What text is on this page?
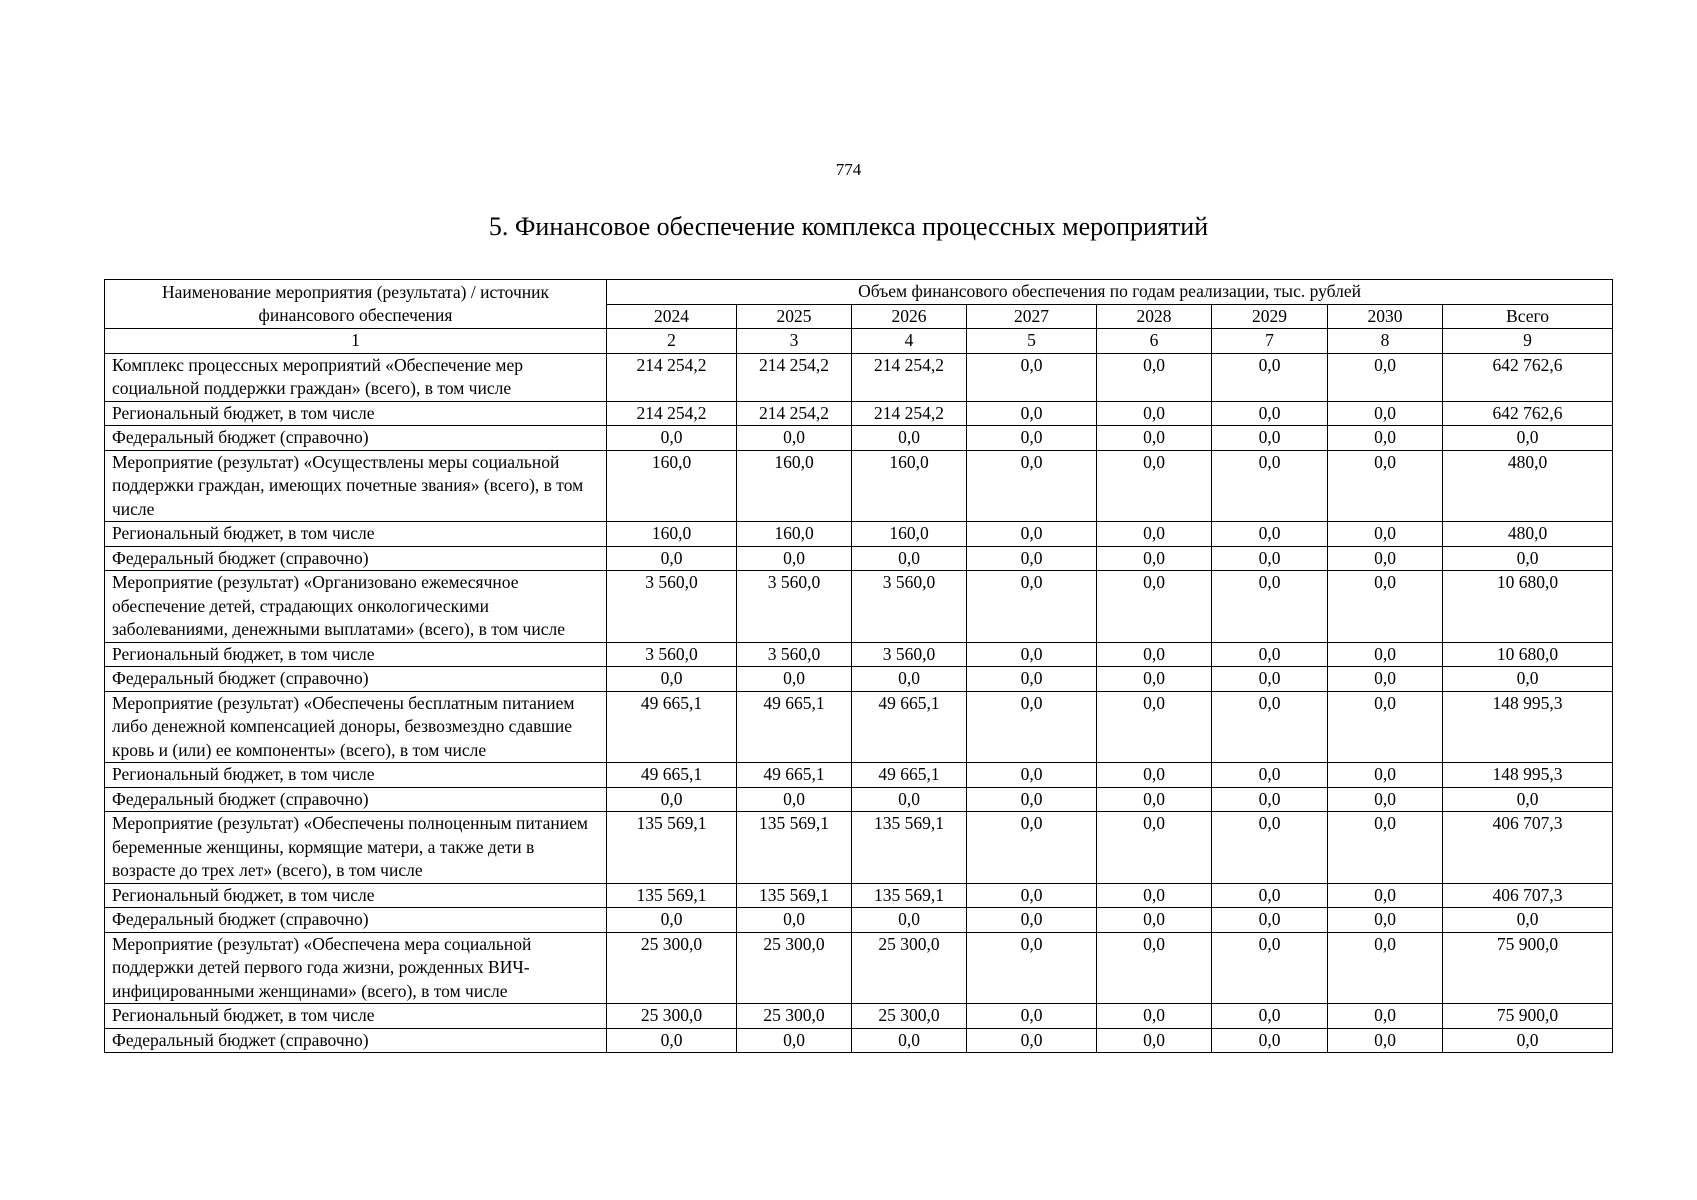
774
5. Финансовое обеспечение комплекса процессных мероприятий
Наименование мероприятия (результата) / источник финансового обеспечения	Объем финансового обеспечения по годам реализации, тыс. рублей							
	2024	2025	2026	2027	2028	2029	2030	Всего
1	2	3	4	5	6	7	8	9
Комплекс процессных мероприятий «Обеспечение мер социальной поддержки граждан» (всего), в том числе	214 254,2	214 254,2	214 254,2	0,0	0,0	0,0	0,0	642 762,6
Региональный бюджет, в том числе	214 254,2	214 254,2	214 254,2	0,0	0,0	0,0	0,0	642 762,6
Федеральный бюджет (справочно)	0,0	0,0	0,0	0,0	0,0	0,0	0,0	0,0
Мероприятие (результат) «Осуществлены меры социальной поддержки граждан, имеющих почетные звания» (всего), в том числе	160,0	160,0	160,0	0,0	0,0	0,0	0,0	480,0
Региональный бюджет, в том числе	160,0	160,0	160,0	0,0	0,0	0,0	0,0	480,0
Федеральный бюджет (справочно)	0,0	0,0	0,0	0,0	0,0	0,0	0,0	0,0
Мероприятие (результат) «Организовано ежемесячное обеспечение детей, страдающих онкологическими заболеваниями, денежными выплатами» (всего), в том числе	3 560,0	3 560,0	3 560,0	0,0	0,0	0,0	0,0	10 680,0
Региональный бюджет, в том числе	3 560,0	3 560,0	3 560,0	0,0	0,0	0,0	0,0	10 680,0
Федеральный бюджет (справочно)	0,0	0,0	0,0	0,0	0,0	0,0	0,0	0,0
Мероприятие (результат) «Обеспечены бесплатным питанием либо денежной компенсацией доноры, безвозмездно сдавшие кровь и (или) ее компоненты» (всего), в том числе	49 665,1	49 665,1	49 665,1	0,0	0,0	0,0	0,0	148 995,3
Региональный бюджет, в том числе	49 665,1	49 665,1	49 665,1	0,0	0,0	0,0	0,0	148 995,3
Федеральный бюджет (справочно)	0,0	0,0	0,0	0,0	0,0	0,0	0,0	0,0
Мероприятие (результат) «Обеспечены полноценным питанием беременные женщины, кормящие матери, а также дети в возрасте до трех лет» (всего), в том числе	135 569,1	135 569,1	135 569,1	0,0	0,0	0,0	0,0	406 707,3
Региональный бюджет, в том числе	135 569,1	135 569,1	135 569,1	0,0	0,0	0,0	0,0	406 707,3
Федеральный бюджет (справочно)	0,0	0,0	0,0	0,0	0,0	0,0	0,0	0,0
Мероприятие (результат) «Обеспечена мера социальной поддержки детей первого года жизни, рожденных ВИЧ-инфицированными женщинами» (всего), в том числе	25 300,0	25 300,0	25 300,0	0,0	0,0	0,0	0,0	75 900,0
Региональный бюджет, в том числе	25 300,0	25 300,0	25 300,0	0,0	0,0	0,0	0,0	75 900,0
Федеральный бюджет (справочно)	0,0	0,0	0,0	0,0	0,0	0,0	0,0	0,0
